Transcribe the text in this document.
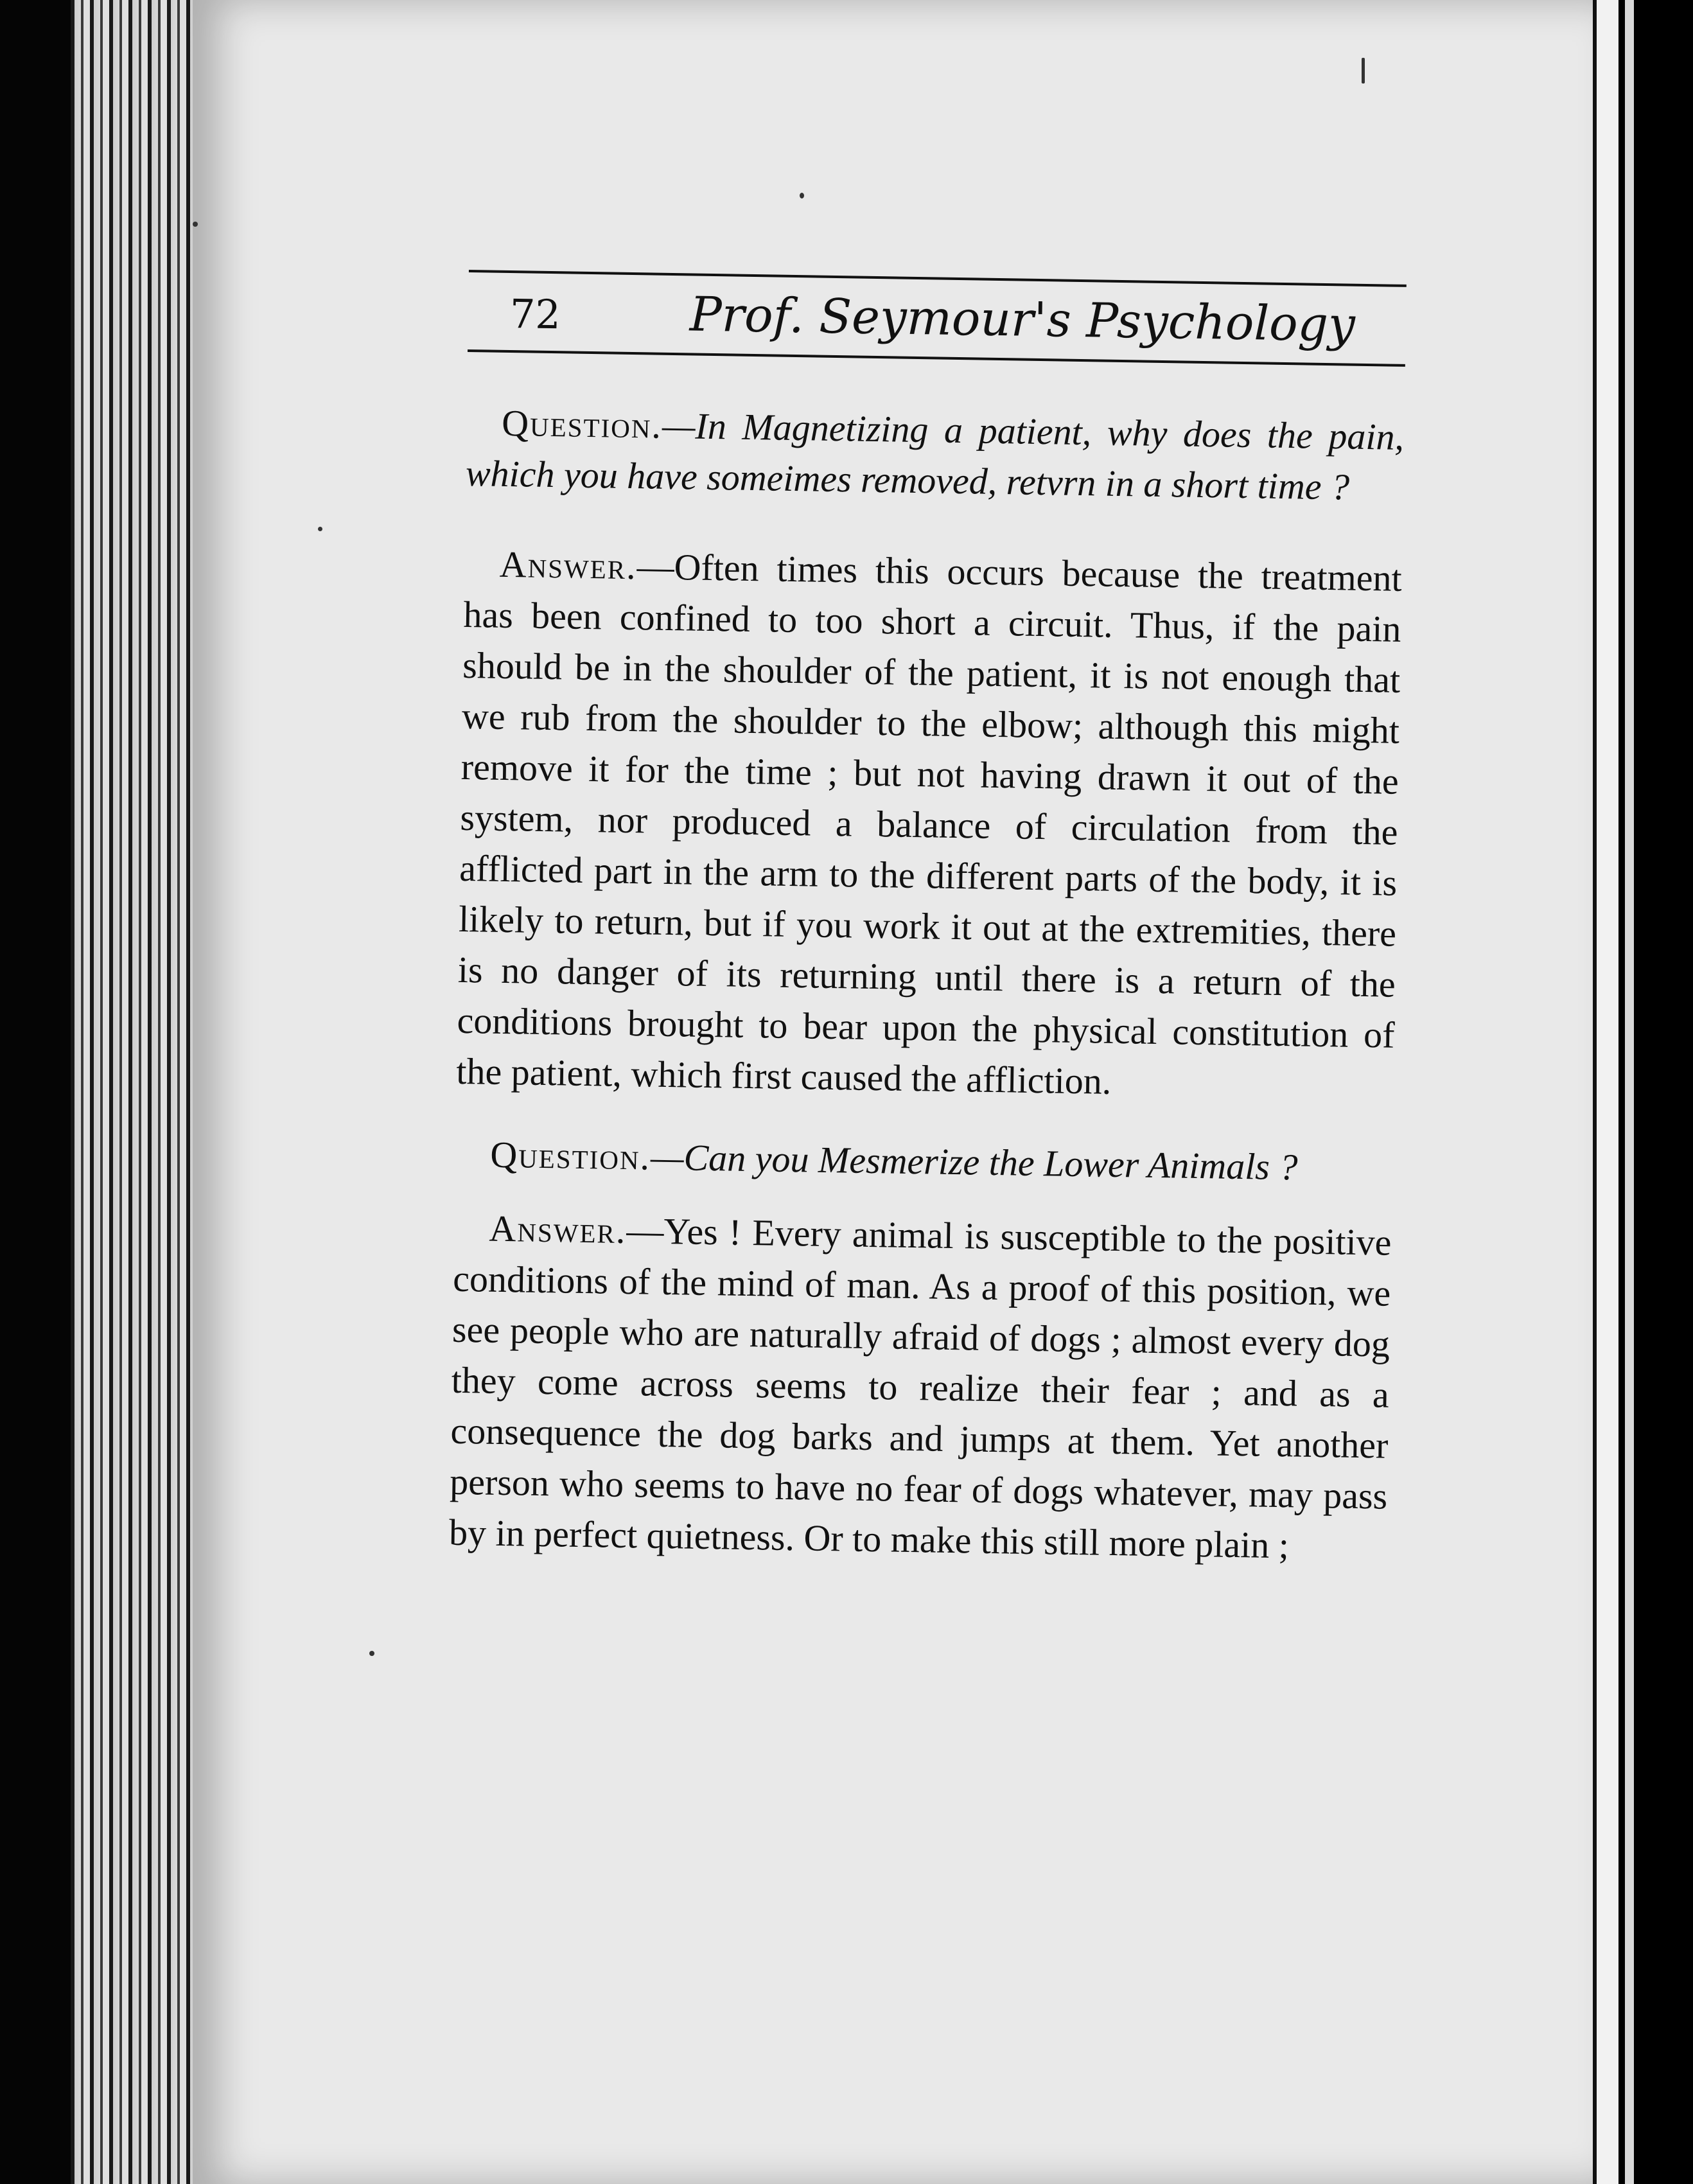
72	Prof. Seymour's Psychology

Question.—In Magnetizing a patient, why does the pain, which you have someimes removed, retvrn in a short time ?

Answer.—Often times this occurs because the treatment has been confined to too short a circuit. Thus, if the pain should be in the shoulder of the patient, it is not enough that we rub from the shoulder to the elbow; although this might remove it for the time ; but not having drawn it out of the system, nor produced a balance of circulation from the afflicted part in the arm to the different parts of the body, it is likely to return, but if you work it out at the extremities, there is no danger of its returning until there is a return of the conditions brought to bear upon the physical constitution of the patient, which first caused the affliction.

Question.—Can you Mesmerize the Lower Animals ?

Answer.—Yes ! Every animal is susceptible to the positive conditions of the mind of man. As a proof of this position, we see people who are naturally afraid of dogs ; almost every dog they come across seems to realize their fear ; and as a consequence the dog barks and jumps at them. Yet another person who seems to have no fear of dogs whatever, may pass by in perfect quietness. Or to make this still more plain ;
